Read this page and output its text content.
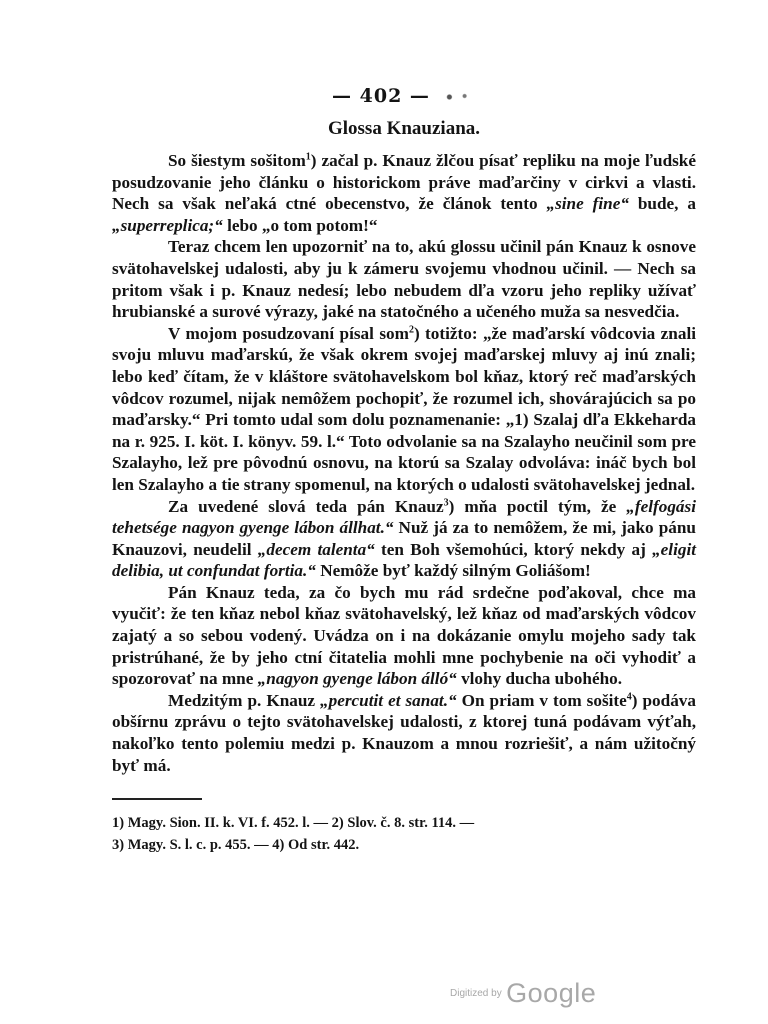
— 402 —
Glossa Knauziana.

So šiestym sošitom$^1$) začal p. Knauz žlčou písať repliku na moje ľudské posudzovanie jeho článku o historickom práve maďarčiny v cirkvi a vlasti. Nech sa však neľaká ctné obecenstvo, že článok tento „sine fine“ bude, a „superreplica;“ lebo „o tom potom!“

Teraz chcem len upozorniť na to, akú glossu učinil pán Knauz k osnove svätohavelskej udalosti, aby ju k zámeru svojemu vhodnou učinil. — Nech sa pritom však i p. Knauz nedesí; lebo nebudem dľa vzoru jeho repliky užívať hrubianské a surové výrazy, jaké na statočného a učeného muža sa nesvedčia.

V mojom posudzovaní písal som$^2$) totižto: „že maďarskí vôdcovia znali svoju mluvu maďarskú, že však okrem svojej maďarskej mluvy aj inú znali; lebo keď čítam, že v kláštore svätohavelskom bol kňaz, ktorý reč maďarských vôdcov rozumel, nijak nemôžem pochopiť, že rozumel ich, shovárajúcich sa po maďarsky.“ Pri tomto udal som dolu poznamenanie: „1) Szalaj dľa Ekkeharda na r. 925. I. köt. I. könyv. 59. l.“ Toto odvolanie sa na Szalayho neučinil som pre Szalayho, lež pre pôvodnú osnovu, na ktorú sa Szalay odvoláva: ináč bych bol len Szalayho a tie strany spomenul, na ktorých o udalosti svätohavelskej jednal.

Za uvedené slová teda pán Knauz$^3$) mňa poctil tým, že „felfogási tehetsége nagyon gyenge lábon állhat.“ Nuž já za to nemôžem, že mi, jako pánu Knauzovi, neudelil „decem talenta“ ten Boh všemohúci, ktorý nekdy aj „eligit delibia, ut confundat fortia.“ Nemôže byť každý silným Goliášom!

Pán Knauz teda, za čo bych mu rád srdečne poďakoval, chce ma vyučiť: že ten kňaz nebol kňaz svätohavelský, lež kňaz od maďarských vôdcov zajatý a so sebou vodený. Uvádza on i na dokázanie omylu mojeho sady tak pristrúhané, že by jeho ctní čitatelia mohli mne pochybenie na oči vyhodiť a spozorovať na mne „nagyon gyenge lábon álló“ vlohy ducha ubohého.

Medzitým p. Knauz „percutit et sanat.“ On priam v tom sošite$^4$) podáva obšírnu zprávu o tejto svätohavelskej udalosti, z ktorej tuná podávam výťah, nakoľko tento polemiu medzi p. Knauzom a mnou rozriešiť, a nám užitočný byť má.

1) Magy. Sion. II. k. VI. f. 452. l. — 2) Slov. č. 8. str. 114. —
3) Magy. S. l. c. p. 455. — 4) Od str. 442.
Digitized by Google
